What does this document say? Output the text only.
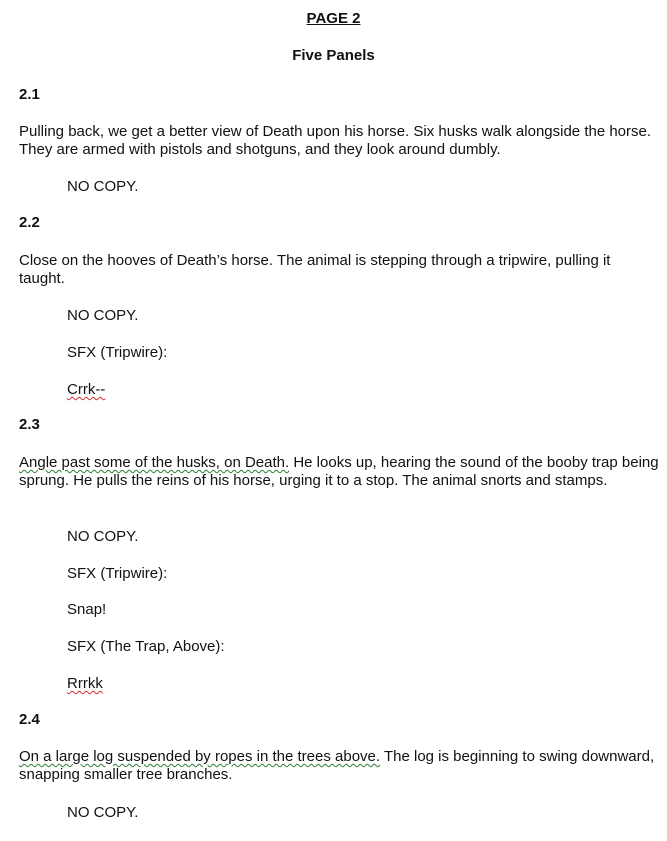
PAGE 2
Five Panels
2.1
Pulling back, we get a better view of Death upon his horse. Six husks walk alongside the horse. They are armed with pistols and shotguns, and they look around dumbly.
NO COPY.
2.2
Close on the hooves of Death’s horse. The animal is stepping through a tripwire, pulling it taught.
NO COPY.
SFX (Tripwire):
Crrk--
2.3
Angle past some of the husks, on Death. He looks up, hearing the sound of the booby trap being sprung. He pulls the reins of his horse, urging it to a stop. The animal snorts and stamps.
NO COPY.
SFX (Tripwire):
Snap!
SFX (The Trap, Above):
Rrrkk
2.4
On a large log suspended by ropes in the trees above. The log is beginning to swing downward, snapping smaller tree branches.
NO COPY.
